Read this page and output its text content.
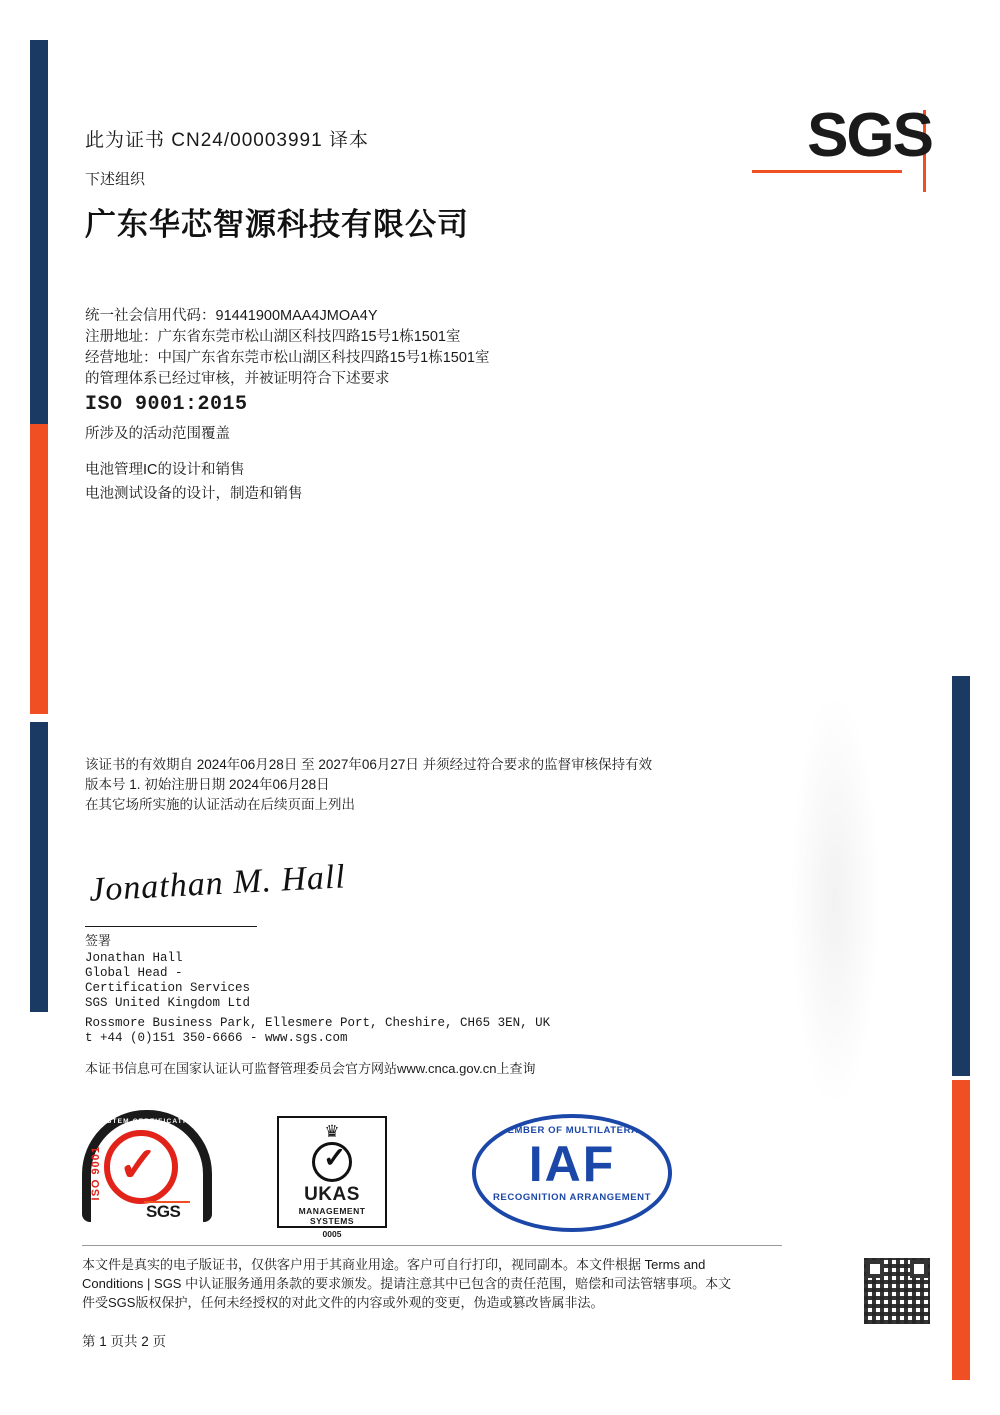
SGS
此为证书 CN24/00003991 译本
下述组织
广东华芯智源科技有限公司
统一社会信用代码：91441900MAA4JMOA4Y
注册地址：广东省东莞市松山湖区科技四路15号1栋1501室
经营地址：中国广东省东莞市松山湖区科技四路15号1栋1501室
的管理体系已经过审核，并被证明符合下述要求
ISO 9001:2015
所涉及的活动范围覆盖
电池管理IC的设计和销售
电池测试设备的设计，制造和销售
该证书的有效期自 2024年06月28日 至 2027年06月27日 并须经过符合要求的监督审核保持有效
版本号 1. 初始注册日期 2024年06月28日
在其它场所实施的认证活动在后续页面上列出
Jonathan M. Hall
签署
Jonathan Hall
Global Head -
Certification Services
SGS United Kingdom Ltd
Rossmore Business Park, Ellesmere Port, Cheshire, CH65 3EN, UK
t +44 (0)151 350-6666 - www.sgs.com
本证书信息可在国家认证认可监督管理委员会官方网站www.cnca.gov.cn上查询
SYSTEM CERTIFICATION
✓
ISO 9001
SGS
♛
✓
UKAS
MANAGEMENT
SYSTEMS
0005
MEMBER OF MULTILATERAL
IAF
RECOGNITION ARRANGEMENT
本文件是真实的电子版证书，仅供客户用于其商业用途。客户可自行打印，视同副本。本文件根据 Terms and Conditions | SGS 中认证服务通用条款的要求颁发。提请注意其中已包含的责任范围，赔偿和司法管辖事项。本文件受SGS版权保护，任何未经授权的对此文件的内容或外观的变更，伪造或篡改皆属非法。
第 1 页共 2 页
